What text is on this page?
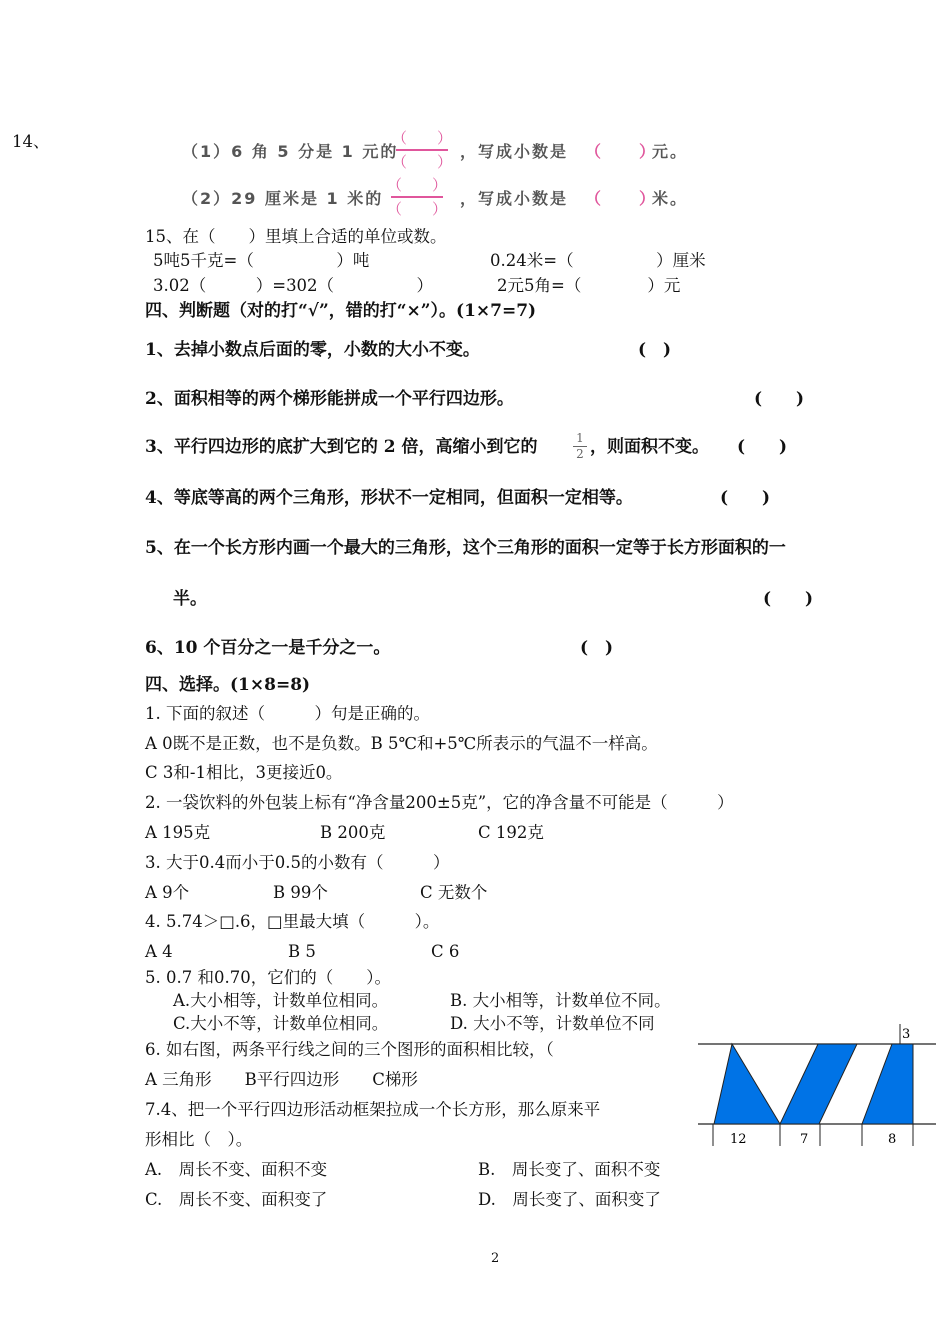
14、
（1）6 角 5 分是 1 元的
（　　）
（　　）
，写成小数是 （　　）
元。
（2）29 厘米是 1 米的
（　　）
（　　）
，写成小数是 （　　）
米。
15、在（　　）里填上合适的单位或数。
5吨5千克=（　　　　　）吨	0.24米=（　　　　　）厘米
3.02（　　　）=302（　　　　　）	2元5角=（　　　　）元
四、判断题（对的打“√”，错的打“×”）。(1×7=7)
1、去掉小数点后面的零，小数的大小不变。	(　)
2、面积相等的两个梯形能拼成一个平行四边形。	(　　)
3、平行四边形的底扩大到它的 2 倍，高缩小到它的	1
2 ，则面积不变。 (　　)
4、等底等高的两个三角形，形状不一定相同，但面积一定相等。	(　　)
5、在一个长方形内画一个最大的三角形，这个三角形的面积一定等于长方形面积的一
半。	(　　)
6、10 个百分之一是千分之一。	(　)
四、选择。(1×8=8)
1. 下面的叙述（　　　）句是正确的。
A 0既不是正数，也不是负数。B 5℃和+5℃所表示的气温不一样高。
C 3和-1相比，3更接近0。
2. 一袋饮料的外包装上标有“净含量200±5克”，它的净含量不可能是（　　　）
A 195克	B 200克	C 192克
3. 大于0.4而小于0.5的小数有（　　　）
A 9个	B 99个	C 无数个
4. 5.74＞□.6，□里最大填（　　　）。
A 4	B 5	C 6
5. 0.7 和0.70，它们的（　　）。
A.大小相等，计数单位相同。	B. 大小相等，计数单位不同。
C.大小不等，计数单位相同。	D. 大小不等，计数单位不同
6. 如右图，两条平行线之间的三个图形的面积相比较，（
A 三角形　　B平行四边形　　C梯形
7.4、把一个平行四边形活动框架拉成一个长方形，那么原来平
形相比（　）。
A.　周长不变、面积不变	B.　周长变了、面积不变
C.　周长不变、面积变了	D.　周长变了、面积变了
3
12	7	8
2
